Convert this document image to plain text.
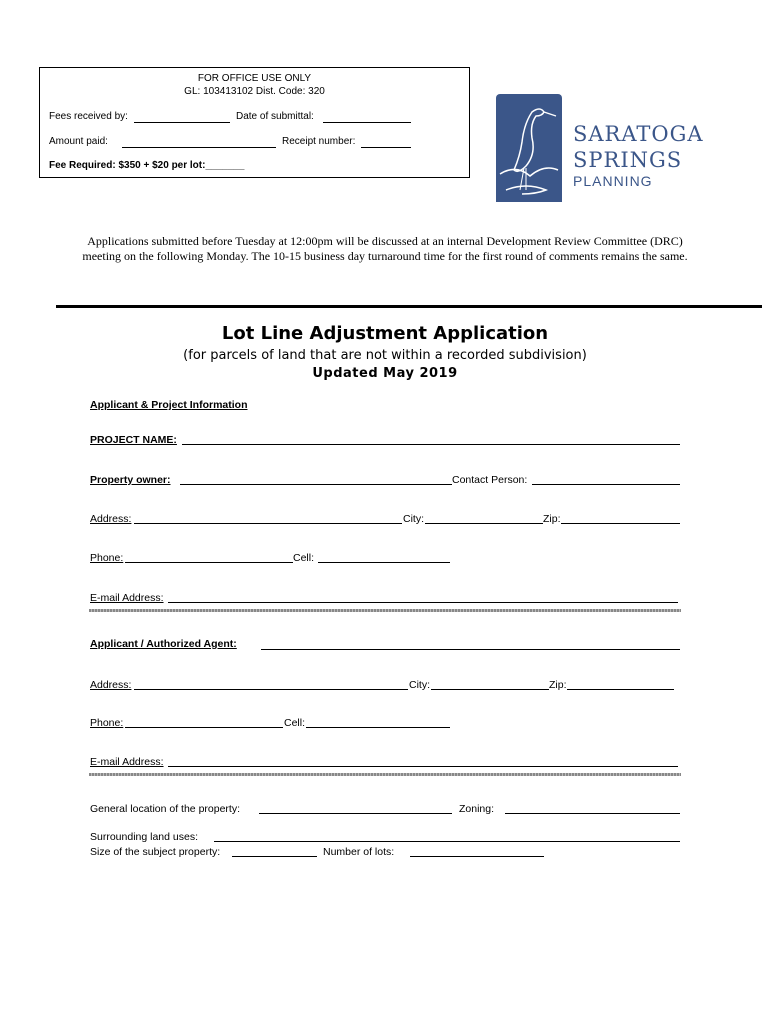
FOR OFFICE USE ONLY
GL: 103413102 Dist. Code: 320
Fees received by:	Date of submittal:
Amount paid:	Receipt number:
Fee Required: $350 + $20 per lot:_______
SARATOGA
SPRINGS
PLANNING
Applications submitted before Tuesday at 12:00pm will be discussed at an internal Development Review Committee (DRC) meeting on the following Monday. The 10-15 business day turnaround time for the first round of comments remains the same.
Lot Line Adjustment Application
(for parcels of land that are not within a recorded subdivision)
Updated May 2019
Applicant & Project Information
PROJECT NAME:
Property owner:	Contact Person:
Address:	City:	Zip:
Phone:	Cell:
E-mail Address:
Applicant / Authorized Agent:
Address:	City:	Zip:
Phone:	Cell:
E-mail Address:
General location of the property:	Zoning:
Surrounding land uses:
Size of the subject property:	Number of lots:
